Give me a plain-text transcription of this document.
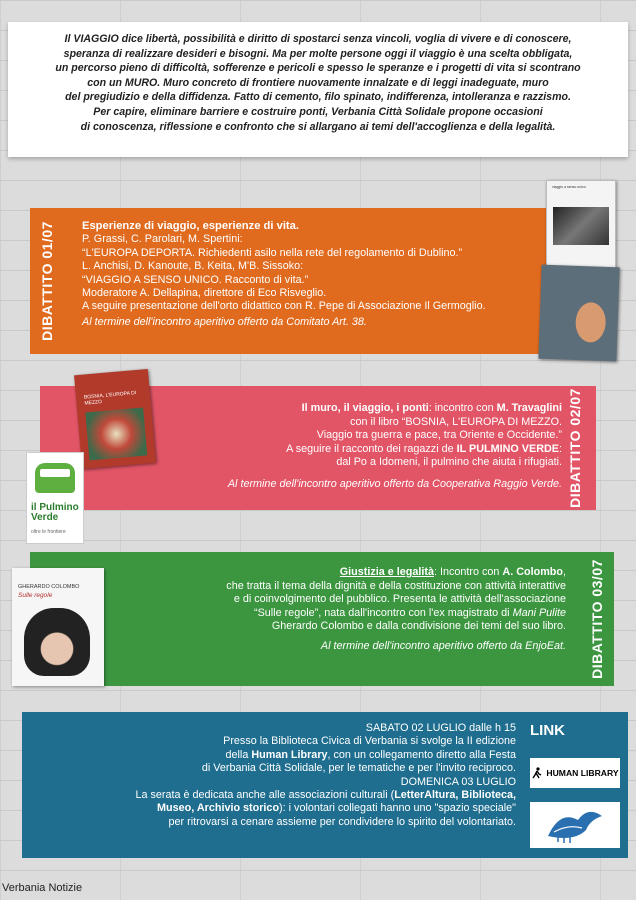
Il VIAGGIO dice libertà, possibilità e diritto di spostarci senza vincoli, voglia di vivere e di conoscere,
speranza di realizzare desideri e bisogni. Ma per molte persone oggi il viaggio è una scelta obbligata,
un percorso pieno di difficoltà, sofferenze e pericoli e spesso le speranze e i progetti di vita si scontrano
con un MURO. Muro concreto di frontiere nuovamente innalzate e di leggi inadeguate, muro
del pregiudizio e della diffidenza. Fatto di cemento, filo spinato, indifferenza, intolleranza e razzismo.
Per capire, eliminare barriere e costruire ponti, Verbania Città Solidale propone occasioni
di conoscenza, riflessione e confronto che si allargano ai temi dell'accoglienza e della legalità.
DIBATTITO 01/07 Esperienze di viaggio, esperienze di vita.
P. Grassi, C. Parolari, M. Spertini:
“L'EUROPA DEPORTA. Richiedenti asilo nella rete del regolamento di Dublino.”
L. Anchisi, D. Kanoute, B. Keita, M'B. Sissoko:
“VIAGGIO A SENSO UNICO. Racconto di vita.”
Moderatore A. Dellapina, direttore di Eco Risveglio.
A seguire presentazione dell'orto didattico con R. Pepe di Associazione Il Germoglio.
Al termine dell'incontro aperitivo offerto da Comitato Art. 38.
viaggio a senso unico
Il muro, il viaggio, i ponti: incontro con M. Travaglini
con il libro “BOSNIA, L'EUROPA DI MEZZO.
Viaggio tra guerra e pace, tra Oriente e Occidente.”
A seguire il racconto dei ragazzi de IL PULMINO VERDE:
dal Po a Idomeni, il pulmino che aiuta i rifugiati.
Al termine dell'incontro aperitivo offerto da Cooperativa Raggio Verde. DIBATTITO 02/07
BOSNIA, L'EUROPA DI MEZZO
il Pulmino
Verde
oltre le frontiere
Giustizia e legalità: Incontro con A. Colombo,
che tratta il tema della dignità e della costituzione con attività interattive
e di coinvolgimento del pubblico. Presenta le attività dell'associazione
“Sulle regole”, nata dall'incontro con l'ex magistrato di Mani Pulite
Gherardo Colombo e dalla condivisione dei temi del suo libro.
Al termine dell'incontro aperitivo offerto da EnjoEat. DIBATTITO 03/07
GHERARDO COLOMBO
Sulle regole
SABATO 02 LUGLIO dalle h 15
Presso la Biblioteca Civica di Verbania si svolge la II edizione
della Human Library, con un collegamento diretto alla Festa
di Verbania Città Solidale, per le tematiche e per l'invito reciproco.
DOMENICA 03 LUGLIO
La serata è dedicata anche alle associazioni culturali (LetterAltura, Biblioteca,
Museo, Archivio storico): i volontari collegati hanno uno "spazio speciale"
per ritrovarsi a cenare assieme per condividere lo spirito del volontariato.
LINK
HUMAN LIBRARY
Verbania Notizie
